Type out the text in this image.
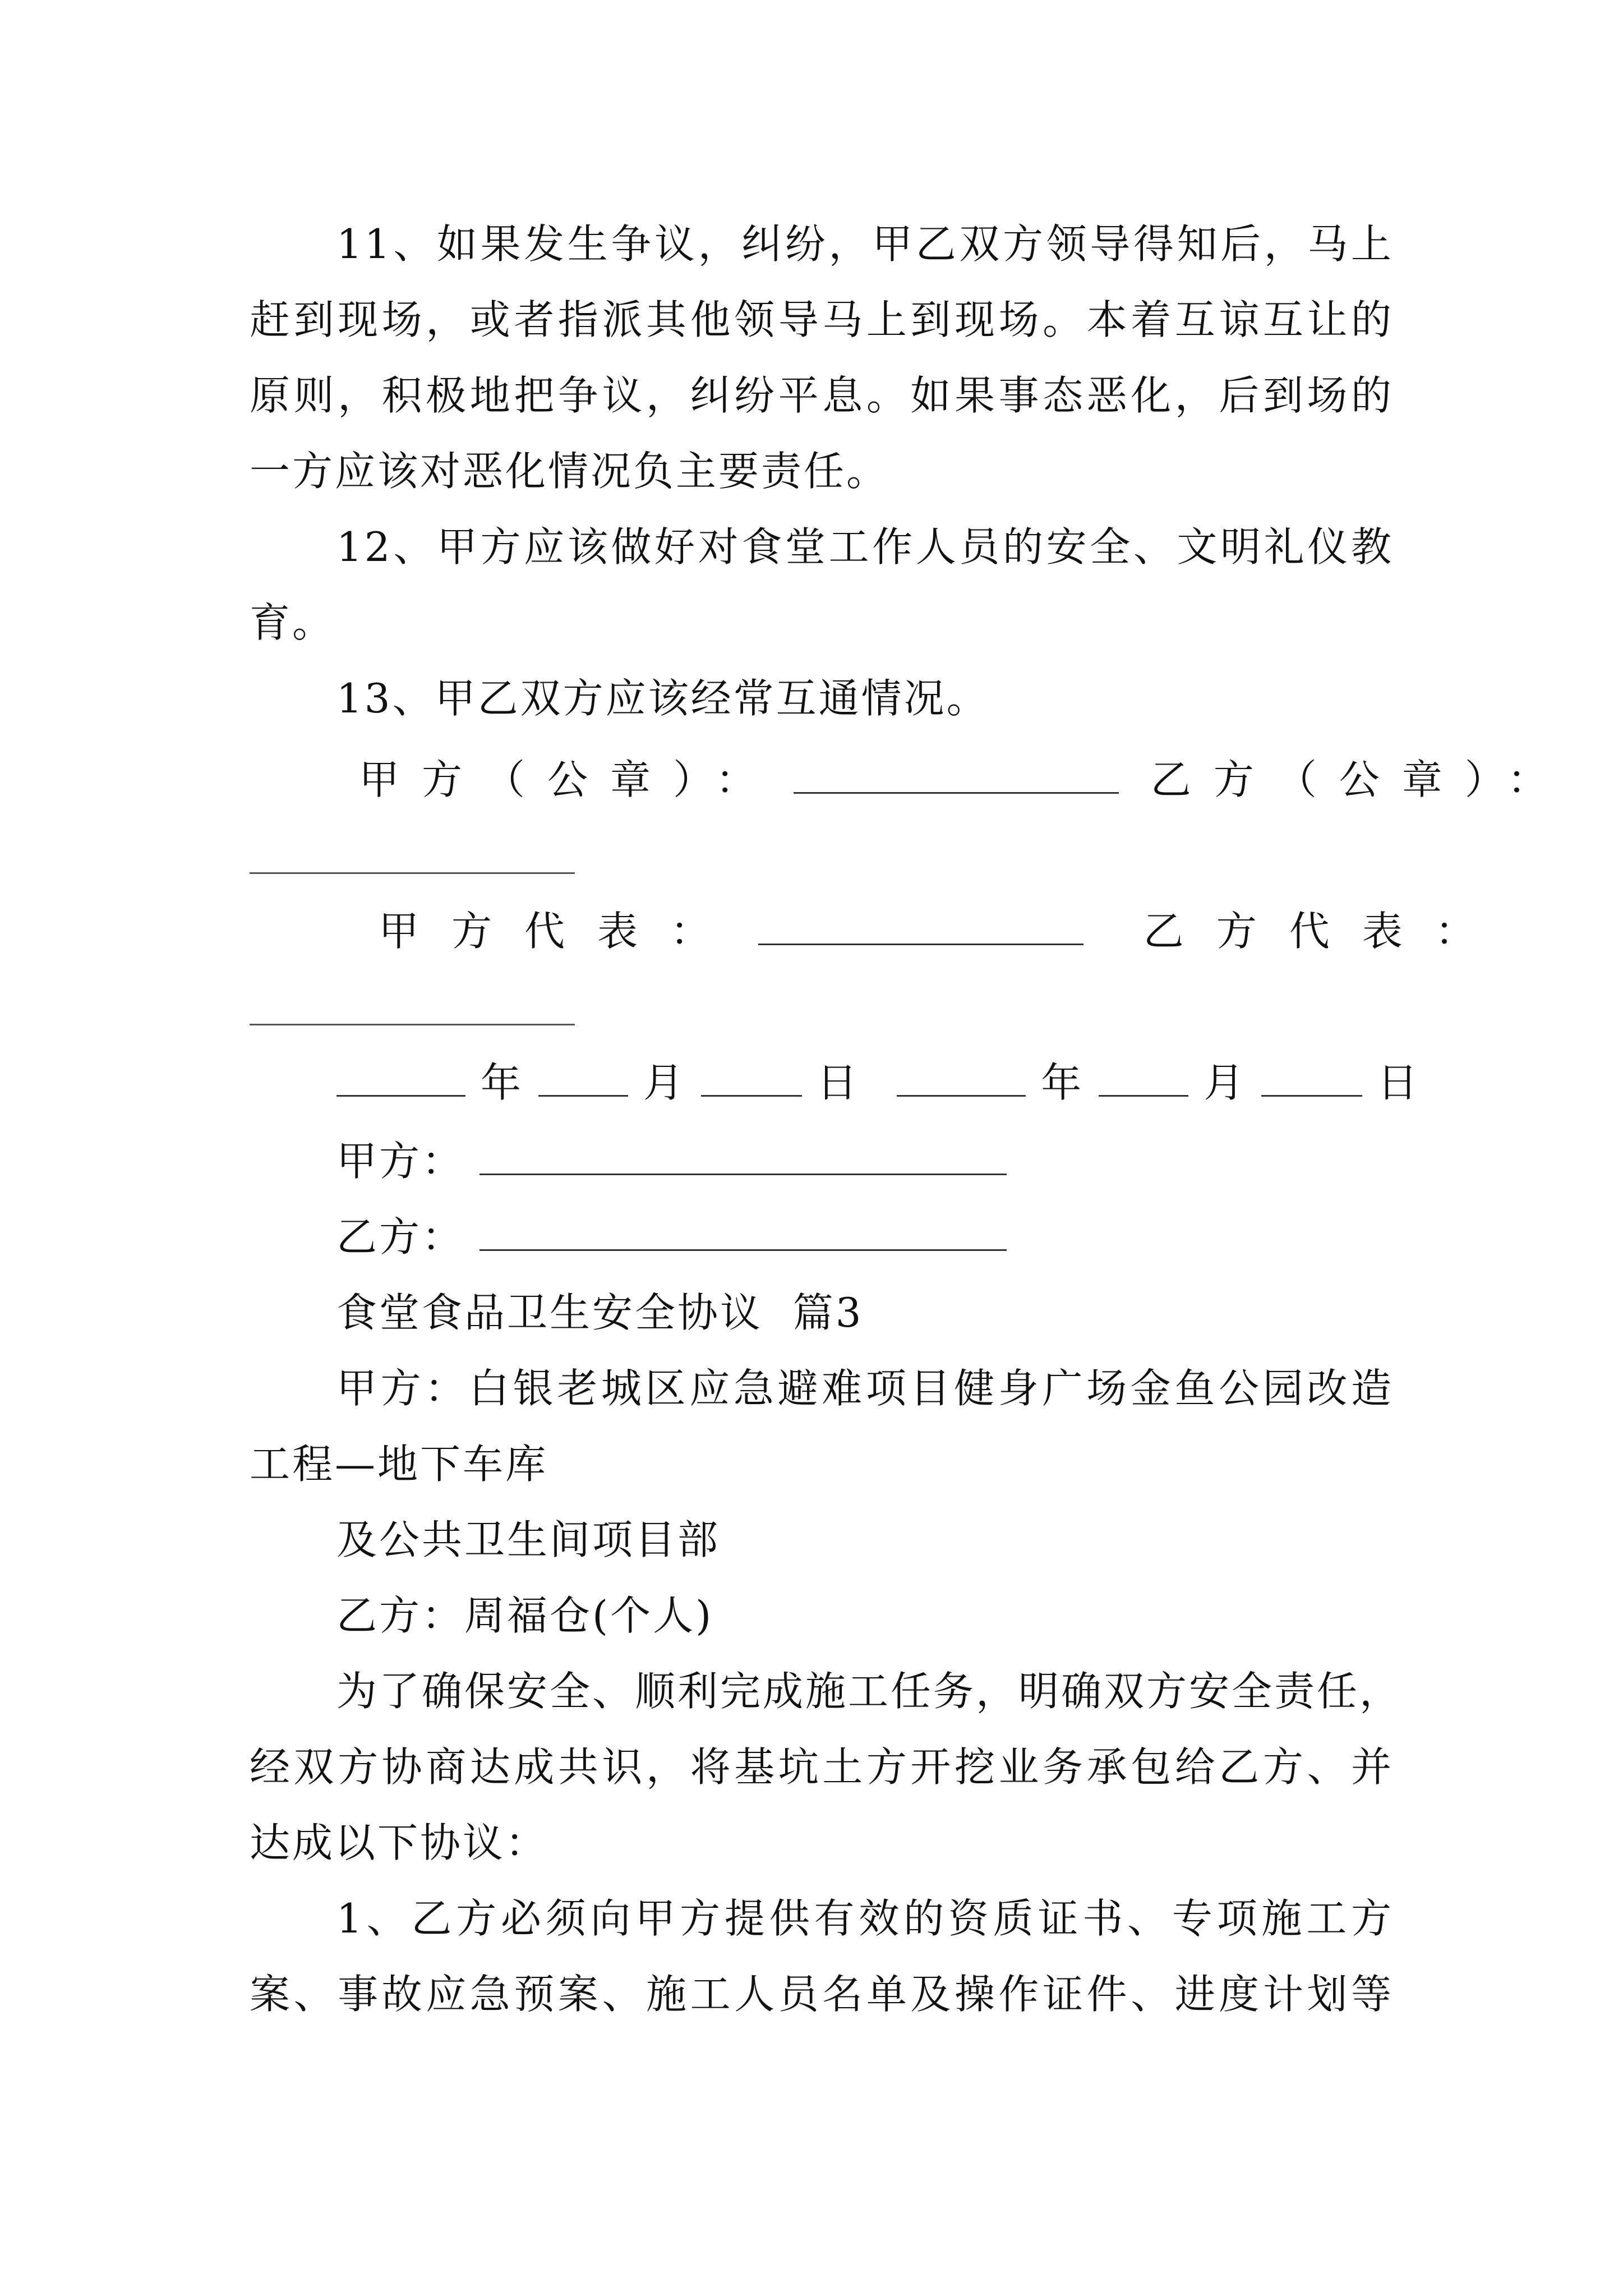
11、如果发生争议，纠纷，甲乙双方领导得知后，马上
赶到现场，或者指派其他领导马上到现场。本着互谅互让的
原则，积极地把争议，纠纷平息。如果事态恶化，后到场的
一方应该对恶化情况负主要责任。
12、甲方应该做好对食堂工作人员的安全、文明礼仪教
育。
13、甲乙双方应该经常互通情况。
甲方（公章）：	乙方（公章）：
甲方代表：	乙方代表：
年	月	日	年	月	日
甲方：
乙方：
食堂食品卫生安全协议  篇3
甲方：白银老城区应急避难项目健身广场金鱼公园改造
工程—地下车库
及公共卫生间项目部
乙方：周福仓(个人)
为了确保安全、顺利完成施工任务，明确双方安全责任，
经双方协商达成共识，将基坑土方开挖业务承包给乙方、并
达成以下协议：
1、乙方必须向甲方提供有效的资质证书、专项施工方
案、事故应急预案、施工人员名单及操作证件、进度计划等
